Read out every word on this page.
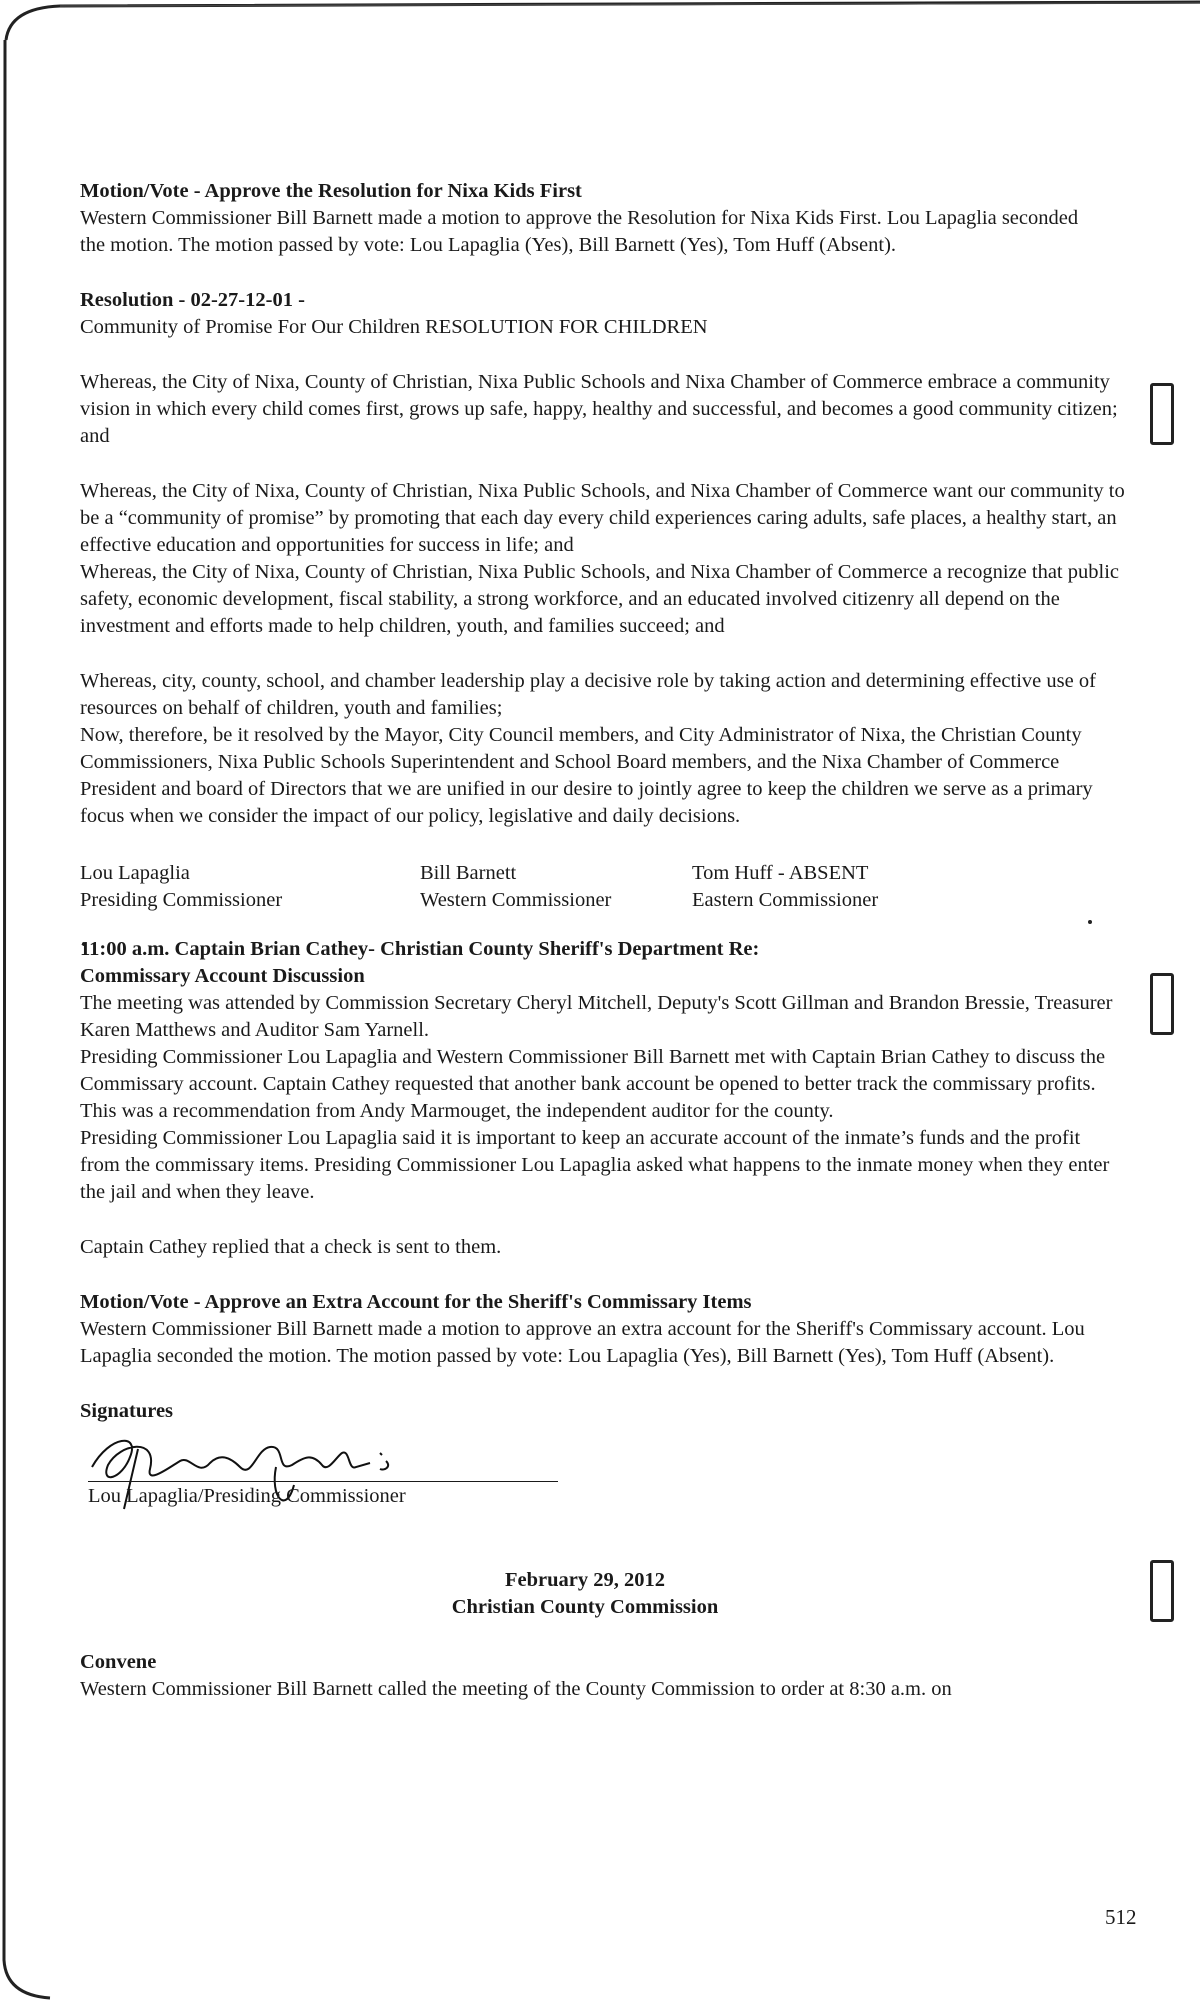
Motion/Vote - Approve the Resolution for Nixa Kids First

Western Commissioner Bill Barnett made a motion to approve the Resolution for Nixa Kids First. Lou Lapaglia seconded the motion. The motion passed by vote: Lou Lapaglia (Yes), Bill Barnett (Yes), Tom Huff (Absent).

Resolution - 02-27-12-01 -

Community of Promise For Our Children RESOLUTION FOR CHILDREN

Whereas, the City of Nixa, County of Christian, Nixa Public Schools and Nixa Chamber of Commerce embrace a community vision in which every child comes first, grows up safe, happy, healthy and successful, and becomes a good community citizen; and

Whereas, the City of Nixa, County of Christian, Nixa Public Schools, and Nixa Chamber of Commerce want our community to be a “community of promise” by promoting that each day every child experiences caring adults, safe places, a healthy start, an effective education and opportunities for success in life; and

Whereas, the City of Nixa, County of Christian, Nixa Public Schools, and Nixa Chamber of Commerce a recognize that public safety, economic development, fiscal stability, a strong workforce, and an educated involved citizenry all depend on the investment and efforts made to help children, youth, and families succeed; and

Whereas, city, county, school, and chamber leadership play a decisive role by taking action and determining effective use of resources on behalf of children, youth and families;

Now, therefore, be it resolved by the Mayor, City Council members, and City Administrator of Nixa, the Christian County Commissioners, Nixa Public Schools Superintendent and School Board members, and the Nixa Chamber of Commerce President and board of Directors that we are unified in our desire to jointly agree to keep the children we serve as a primary focus when we consider the impact of our policy, legislative and daily decisions.

Lou Lapaglia
Presiding Commissioner
Bill Barnett
Western Commissioner
Tom Huff - ABSENT
Eastern Commissioner

11:00 a.m. Captain Brian Cathey- Christian County Sheriff's Department Re:

Commissary Account Discussion

The meeting was attended by Commission Secretary Cheryl Mitchell, Deputy's Scott Gillman and Brandon Bressie, Treasurer Karen Matthews and Auditor Sam Yarnell.

Presiding Commissioner Lou Lapaglia and Western Commissioner Bill Barnett met with Captain Brian Cathey to discuss the Commissary account. Captain Cathey requested that another bank account be opened to better track the commissary profits. This was a recommendation from Andy Marmouget, the independent auditor for the county.

Presiding Commissioner Lou Lapaglia said it is important to keep an accurate account of the inmate’s funds and the profit from the commissary items. Presiding Commissioner Lou Lapaglia asked what happens to the inmate money when they enter the jail and when they leave.

Captain Cathey replied that a check is sent to them.

Motion/Vote - Approve an Extra Account for the Sheriff's Commissary Items

Western Commissioner Bill Barnett made a motion to approve an extra account for the Sheriff's Commissary account. Lou Lapaglia seconded the motion. The motion passed by vote: Lou Lapaglia (Yes), Bill Barnett (Yes), Tom Huff (Absent).

Signatures

Lou Lapaglia/Presiding Commissioner

February 29, 2012

Christian County Commission

Convene

Western Commissioner Bill Barnett called the meeting of the County Commission to order at 8:30 a.m. on

512
